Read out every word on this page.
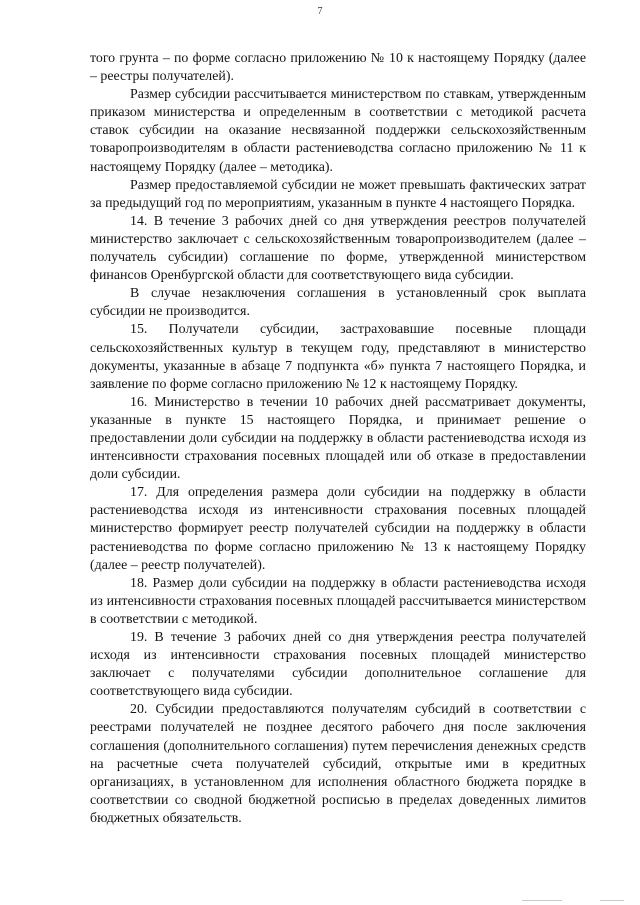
7

того грунта – по форме согласно приложению № 10 к настоящему Порядку (далее – реестры получателей).

Размер субсидии рассчитывается министерством по ставкам, утвержденным приказом министерства и определенным в соответствии с методикой расчета ставок субсидии на оказание несвязанной поддержки сельскохозяйственным товаропроизводителям в области растениеводства согласно приложению № 11 к настоящему Порядку (далее – методика).

Размер предоставляемой субсидии не может превышать фактических затрат за предыдущий год по мероприятиям, указанным в пункте 4 настоящего Порядка.

14. В течение 3 рабочих дней со дня утверждения реестров получателей министерство заключает с сельскохозяйственным товаропроизводителем (далее – получатель субсидии) соглашение по форме, утвержденной министерством финансов Оренбургской области для соответствующего вида субсидии.

В случае незаключения соглашения в установленный срок выплата субсидии не производится.

15. Получатели субсидии, застраховавшие посевные площади сельскохозяйственных культур в текущем году, представляют в министерство документы, указанные в абзаце 7 подпункта «б» пункта 7 настоящего Порядка, и заявление по форме согласно приложению № 12 к настоящему Порядку.

16. Министерство в течении 10 рабочих дней рассматривает документы, указанные в пункте 15 настоящего Порядка, и принимает решение о предоставлении доли субсидии на поддержку в области растениеводства исходя из интенсивности страхования посевных площадей или об отказе в предоставлении доли субсидии.

17. Для определения размера доли субсидии на поддержку в области растениеводства исходя из интенсивности страхования посевных площадей министерство формирует реестр получателей субсидии на поддержку в области растениеводства по форме согласно приложению № 13 к настоящему Порядку (далее – реестр получателей).

18. Размер доли субсидии на поддержку в области растениеводства исходя из интенсивности страхования посевных площадей рассчитывается министерством в соответствии с методикой.

19. В течение 3 рабочих дней со дня утверждения реестра получателей исходя из интенсивности страхования посевных площадей министерство заключает с получателями субсидии дополнительное соглашение для соответствующего вида субсидии.

20. Субсидии предоставляются получателям субсидий в соответствии с реестрами получателей не позднее десятого рабочего дня после заключения соглашения (дополнительного соглашения) путем перечисления денежных средств на расчетные счета получателей субсидий, открытые ими в кредитных организациях, в установленном для исполнения областного бюджета порядке в соответствии со сводной бюджетной росписью в пределах доведенных лимитов бюджетных обязательств.
